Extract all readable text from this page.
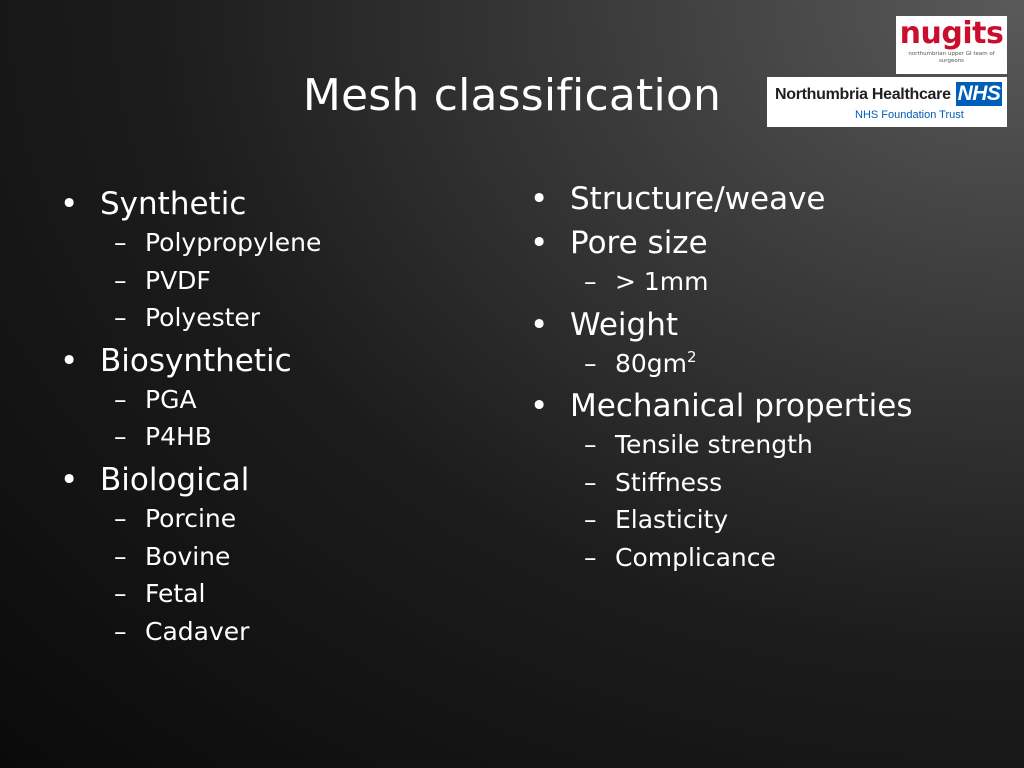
Mesh classification
nugits
northumbrian upper GI team of surgeons
Northumbria Healthcare NHS
NHS Foundation Trust
• Synthetic
– Polypropylene
– PVDF
– Polyester
• Biosynthetic
– PGA
– P4HB
• Biological
– Porcine
– Bovine
– Fetal
– Cadaver
• Structure/weave
• Pore size
– > 1mm
• Weight
– $80gm^2$
• Mechanical properties
– Tensile strength
– Stiffness
– Elasticity
– Complicance
